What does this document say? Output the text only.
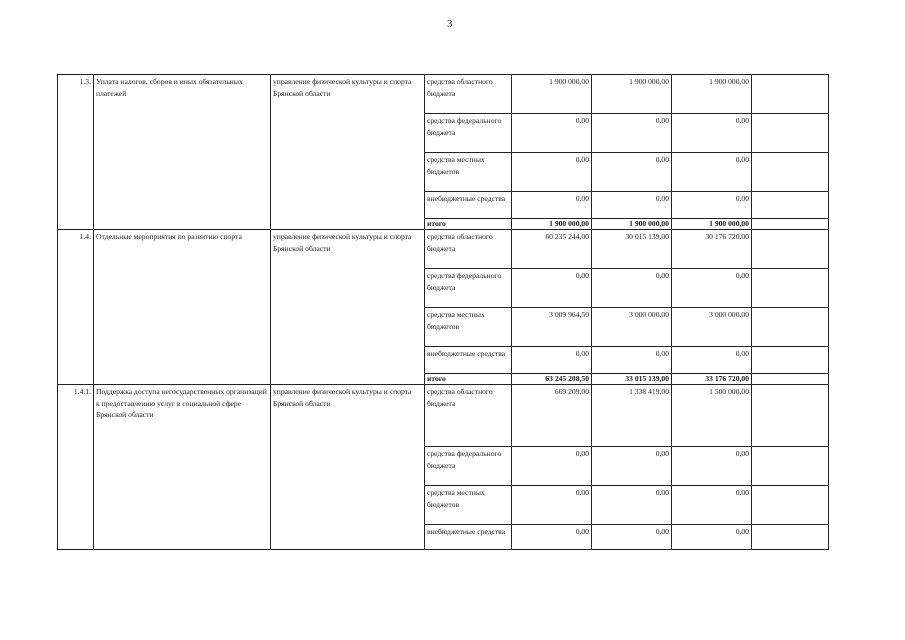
3
1.3.	Уплата налогов, сборов и иных обязательных платежей	управление физической культуры и спорта Брянской области	средства областного бюджета	1 900 000,00	1 900 000,00	1 900 000,00	

			средства федерального бюджета	0,00	0,00	0,00	

			средства местных бюджетов	0,00	0,00	0,00	

			внебюджетные средства	0,00	0,00	0,00	

			итого	1 900 000,00	1 900 000,00	1 900 000,00	

1.4.	Отдельные мероприятия по развитию спорта	управление физической культуры и спорта Брянской области	средства областного бюджета	60 235 244,00	30 015 139,00	30 176 720,00	

			средства федерального бюджета	0,00	0,00	0,00	

			средства местных бюджетов	3 009 964,50	3 000 000,00	3 000 000,00	

			внебюджетные средства	0,00	0,00	0,00	

			итого	63 245 208,50	33 015 139,00	33 176 720,00	

1.4.1.	Поддержка доступа негосударственных организаций к предоставлению услуг в социальной сфере Брянской области	управление физической культуры и спорта Брянской области	средства областного бюджета	669 209,00	1 338 419,00	1 500 000,00	

			средства федерального бюджета	0,00	0,00	0,00	

			средства местных бюджетов	0,00	0,00	0,00	

			внебюджетные средства	0,00	0,00	0,00	
